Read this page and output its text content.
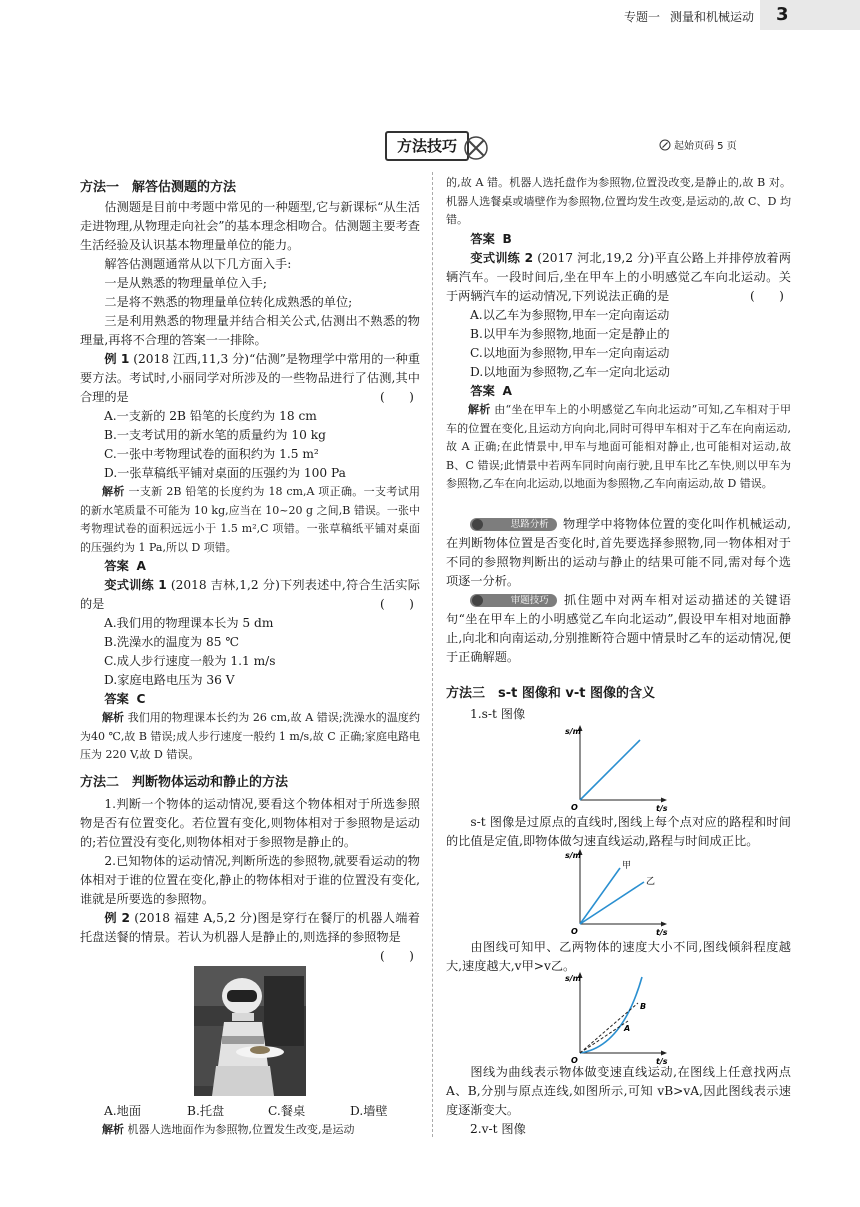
专题一 测量和机械运动 3
方法技巧	起始页码 5 页
方法一　解答估测题的方法

估测题是目前中考题中常见的一种题型,它与新课标“从生活走进物理,从物理走向社会”的基本理念相吻合。估测题主要考查生活经验及认识基本物理量单位的能力。

解答估测题通常从以下几方面入手:

一是从熟悉的物理量单位入手;

二是将不熟悉的物理量单位转化成熟悉的单位;

三是利用熟悉的物理量并结合相关公式,估测出不熟悉的物理量,再将不合理的答案一一排除。

例 1 (2018 江西,11,3 分)“估测”是物理学中常用的一种重要方法。考试时,小丽同学对所涉及的一些物品进行了估测,其中合理的是	(　　)

A.一支新的 2B 铅笔的长度约为 18 cm

B.一支考试用的新水笔的质量约为 10 kg

C.一张中考物理试卷的面积约为 1.5 m²

D.一张草稿纸平铺对桌面的压强约为 100 Pa

解析 一支新 2B 铅笔的长度约为 18 cm,A 项正确。一支考试用的新水笔质量不可能为 10 kg,应当在 10~20 g 之间,B 错误。一张中考物理试卷的面积远远小于 1.5 m²,C 项错。一张草稿纸平铺对桌面的压强约为 1 Pa,所以 D 项错。

答案 A

变式训练 1 (2018 吉林,1,2 分)下列表述中,符合生活实际的是	(　　)

A.我们用的物理课本长为 5 dm

B.洗澡水的温度为 85 ℃

C.成人步行速度一般为 1.1 m/s

D.家庭电路电压为 36 V

答案 C

解析 我们用的物理课本长约为 26 cm,故 A 错误;洗澡水的温度约为40 ℃,故 B 错误;成人步行速度一般约 1 m/s,故 C 正确;家庭电路电压为 220 V,故 D 错误。

方法二　判断物体运动和静止的方法

1.判断一个物体的运动情况,要看这个物体相对于所选参照物是否有位置变化。若位置有变化,则物体相对于参照物是运动的;若位置没有变化,则物体相对于参照物是静止的。

2.已知物体的运动情况,判断所选的参照物,就要看运动的物体相对于谁的位置在变化,静止的物体相对于谁的位置没有变化,谁就是所要选的参照物。

例 2 (2018 福建 A,5,2 分)图是穿行在餐厅的机器人端着托盘送餐的情景。若认为机器人是静止的,则选择的参照物是

(　　)

A.地面	B.托盘	C.餐桌	D.墙壁

解析 机器人选地面作为参照物,位置发生改变,是运动

的,故 A 错。机器人选托盘作为参照物,位置没改变,是静止的,故 B 对。机器人选餐桌或墙壁作为参照物,位置均发生改变,是运动的,故 C、D 均错。

答案 B

变式训练 2 (2017 河北,19,2 分)平直公路上并排停放着两辆汽车。一段时间后,坐在甲车上的小明感觉乙车向北运动。关于两辆汽车的运动情况,下列说法正确的是	(　　)

A.以乙车为参照物,甲车一定向南运动

B.以甲车为参照物,地面一定是静止的

C.以地面为参照物,甲车一定向南运动

D.以地面为参照物,乙车一定向北运动

答案 A

解析 由“坐在甲车上的小明感觉乙车向北运动”可知,乙车相对于甲车的位置在变化,且运动方向向北,同时可得甲车相对于乙车在向南运动,故 A 正确;在此情景中,甲车与地面可能相对静止,也可能相对运动,故 B、C 错误;此情景中若两车同时向南行驶,且甲车比乙车快,则以甲车为参照物,乙车在向北运动,以地面为参照物,乙车向南运动,故 D 错误。

思路分析 物理学中将物体位置的变化叫作机械运动,在判断物体位置是否变化时,首先要选择参照物,同一物体相对于不同的参照物判断出的运动与静止的结果可能不同,需对每个选项逐一分析。

审题技巧 抓住题中对两车相对运动描述的关键语句“坐在甲车上的小明感觉乙车向北运动”,假设甲车相对地面静止,向北和向南运动,分别推断符合题中情景时乙车的运动情况,便于正确解题。

方法三　s-t 图像和 v-t 图像的含义

1.s-t 图像

s/m
t/s
O

s-t 图像是过原点的直线时,图线上每个点对应的路程和时间的比值是定值,即物体做匀速直线运动,路程与时间成正比。

s/m
t/s
O
甲
乙

由图线可知甲、乙两物体的速度大小不同,图线倾斜程度越大,速度越大,v甲>v乙。

s/m
t/s
O
A
B

图线为曲线表示物体做变速直线运动,在图线上任意找两点 A、B,分别与原点连线,如图所示,可知 vB>vA,因此图线表示速度逐渐变大。

2.v-t 图像
